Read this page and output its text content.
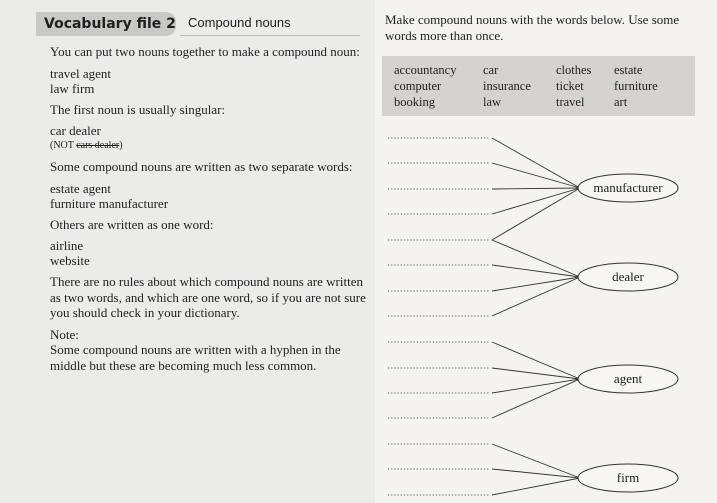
Vocabulary file 2 Compound nouns

You can put two nouns together to make a compound noun:

travel agent
law firm

The first noun is usually singular:

car dealer
(NOT cars dealer)

Some compound nouns are written as two separate words:

estate agent
furniture manufacturer

Others are written as one word:

airline
website

There are no rules about which compound nouns are written as two words, and which are one word, so if you are not sure you should check in your dictionary.

Note:
Some compound nouns are written with a hyphen in the middle but these are becoming much less common.
Make compound nouns with the words below. Use some words more than once.
accountancy	car	clothes	estate
computer	insurance	ticket	furniture
booking	law	travel	art
manufacturer
dealer
agent
firm
